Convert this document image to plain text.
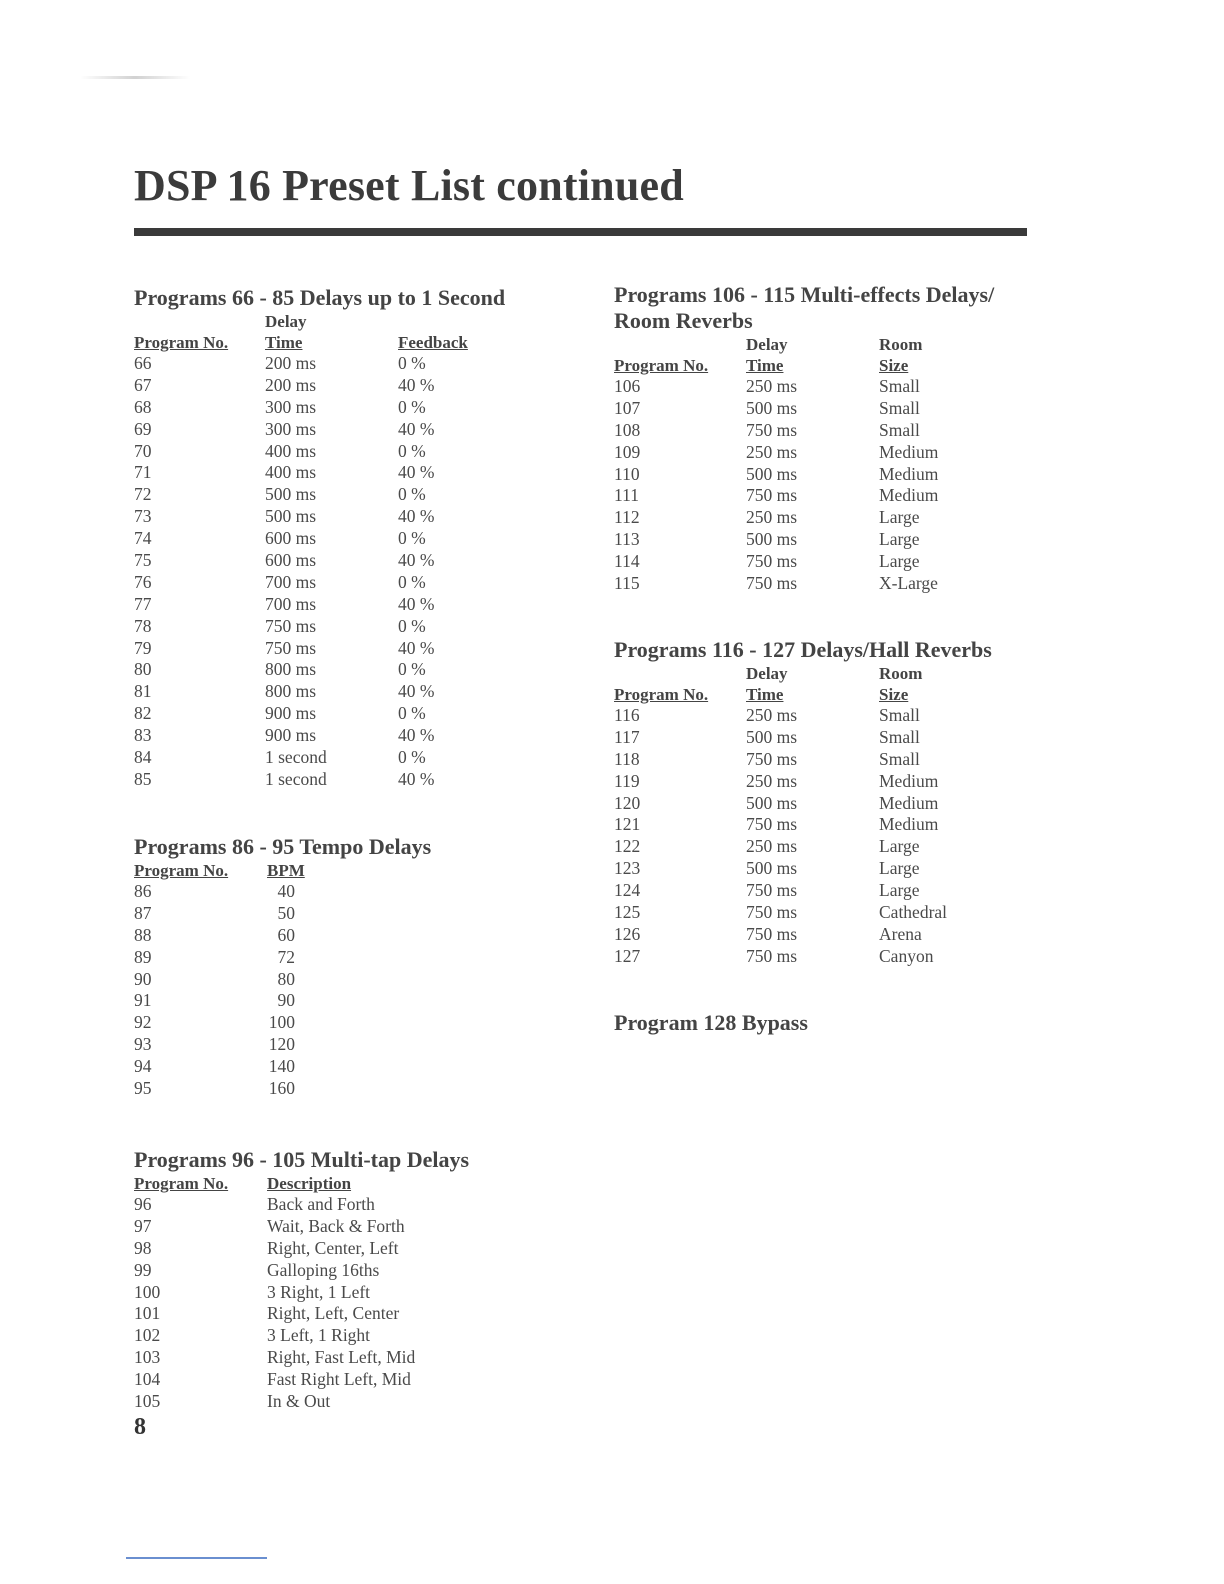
DSP 16 Preset List continued
Programs 66 - 85 Delays up to 1 Second
Delay
Program No. Time	Feedback
66	200 ms	0 %
67	200 ms	40 %
68	300 ms	0 %
69	300 ms	40 %
70	400 ms	0 %
71	400 ms	40 %
72	500 ms	0 %
73	500 ms	40 %
74	600 ms	0 %
75	600 ms	40 %
76	700 ms	0 %
77	700 ms	40 %
78	750 ms	0 %
79	750 ms	40 %
80	800 ms	0 %
81	800 ms	40 %
82	900 ms	0 %
83	900 ms	40 %
84	1 second	0 %
85	1 second	40 %
Programs 86 - 95 Tempo Delays
Program No. BPM
86	40
87	50
88	60
89	72
90	80
91	90
92	100
93	120
94	140
95	160
Programs 96 - 105 Multi-tap Delays
Program No. Description
96	Back and Forth
97	Wait, Back & Forth
98	Right, Center, Left
99	Galloping 16ths
100	3 Right, 1 Left
101	Right, Left, Center
102	3 Left, 1 Right
103	Right, Fast Left, Mid
104	Fast Right Left, Mid
105	In & Out
Programs 106 - 115 Multi-effects Delays/ Room Reverbs
Delay	Room
Program No. Time	Size
106	250 ms	Small
107	500 ms	Small
108	750 ms	Small
109	250 ms	Medium
110	500 ms	Medium
111	750 ms	Medium
112	250 ms	Large
113	500 ms	Large
114	750 ms	Large
115	750 ms	X-Large
Programs 116 - 127 Delays/Hall Reverbs
Delay	Room
Program No. Time	Size
116	250 ms	Small
117	500 ms	Small
118	750 ms	Small
119	250 ms	Medium
120	500 ms	Medium
121	750 ms	Medium
122	250 ms	Large
123	500 ms	Large
124	750 ms	Large
125	750 ms	Cathedral
126	750 ms	Arena
127	750 ms	Canyon
Program 128 Bypass
8
